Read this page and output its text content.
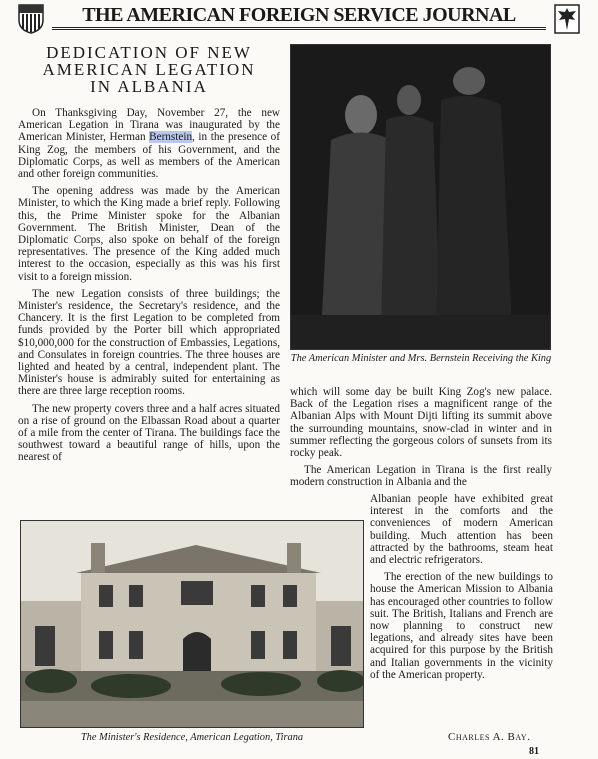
THE AMERICAN FOREIGN SERVICE JOURNAL
DEDICATION OF NEW
AMERICAN LEGATION
IN ALBANIA

On Thanksgiving Day, November 27, the new American Legation in Tirana was inaugurated by the American Minister, Herman Bernstein, in the presence of King Zog, the members of his Government, and the Diplomatic Corps, as well as members of the American and other foreign communities.

The opening address was made by the American Minister, to which the King made a brief reply. Following this, the Prime Minister spoke for the Albanian Government. The British Minister, Dean of the Diplomatic Corps, also spoke on behalf of the foreign representatives. The presence of the King added much interest to the occasion, especially as this was his first visit to a foreign mission.

The new Legation consists of three buildings; the Minister's residence, the Secretary's residence, and the Chancery. It is the first Legation to be completed from funds provided by the Porter bill which appropriated $10,000,000 for the construction of Embassies, Legations, and Consulates in foreign countries. The three houses are lighted and heated by a central, independent plant. The Minister's house is admirably suited for entertaining as there are three large reception rooms.

The new property covers three and a half acres situated on a rise of ground on the Elbassan Road about a quarter of a mile from the center of Tirana. The buildings face the southwest toward a beautiful range of hills, upon the nearest of

The American Minister and Mrs. Bernstein Receiving the King

which will some day be built King Zog's new palace. Back of the Legation rises a magnificent range of the Albanian Alps with Mount Dijti lifting its summit above the surrounding mountains, snow-clad in winter and in summer reflecting the gorgeous colors of sunsets from its rocky peak.

The American Legation in Tirana is the first really modern construction in Albania and the

Albanian people have exhibited great interest in the comforts and the conveniences of modern American building. Much attention has been attracted by the bathrooms, steam heat and electric refrigerators.

The erection of the new buildings to house the American Mission to Albania has encouraged other countries to follow suit. The British, Italians and French are now planning to construct new legations, and already sites have been acquired for this purpose by the British and Italian governments in the vicinity of the American property.

The Minister's Residence, American Legation, Tirana	Charles A. Bay.
81
